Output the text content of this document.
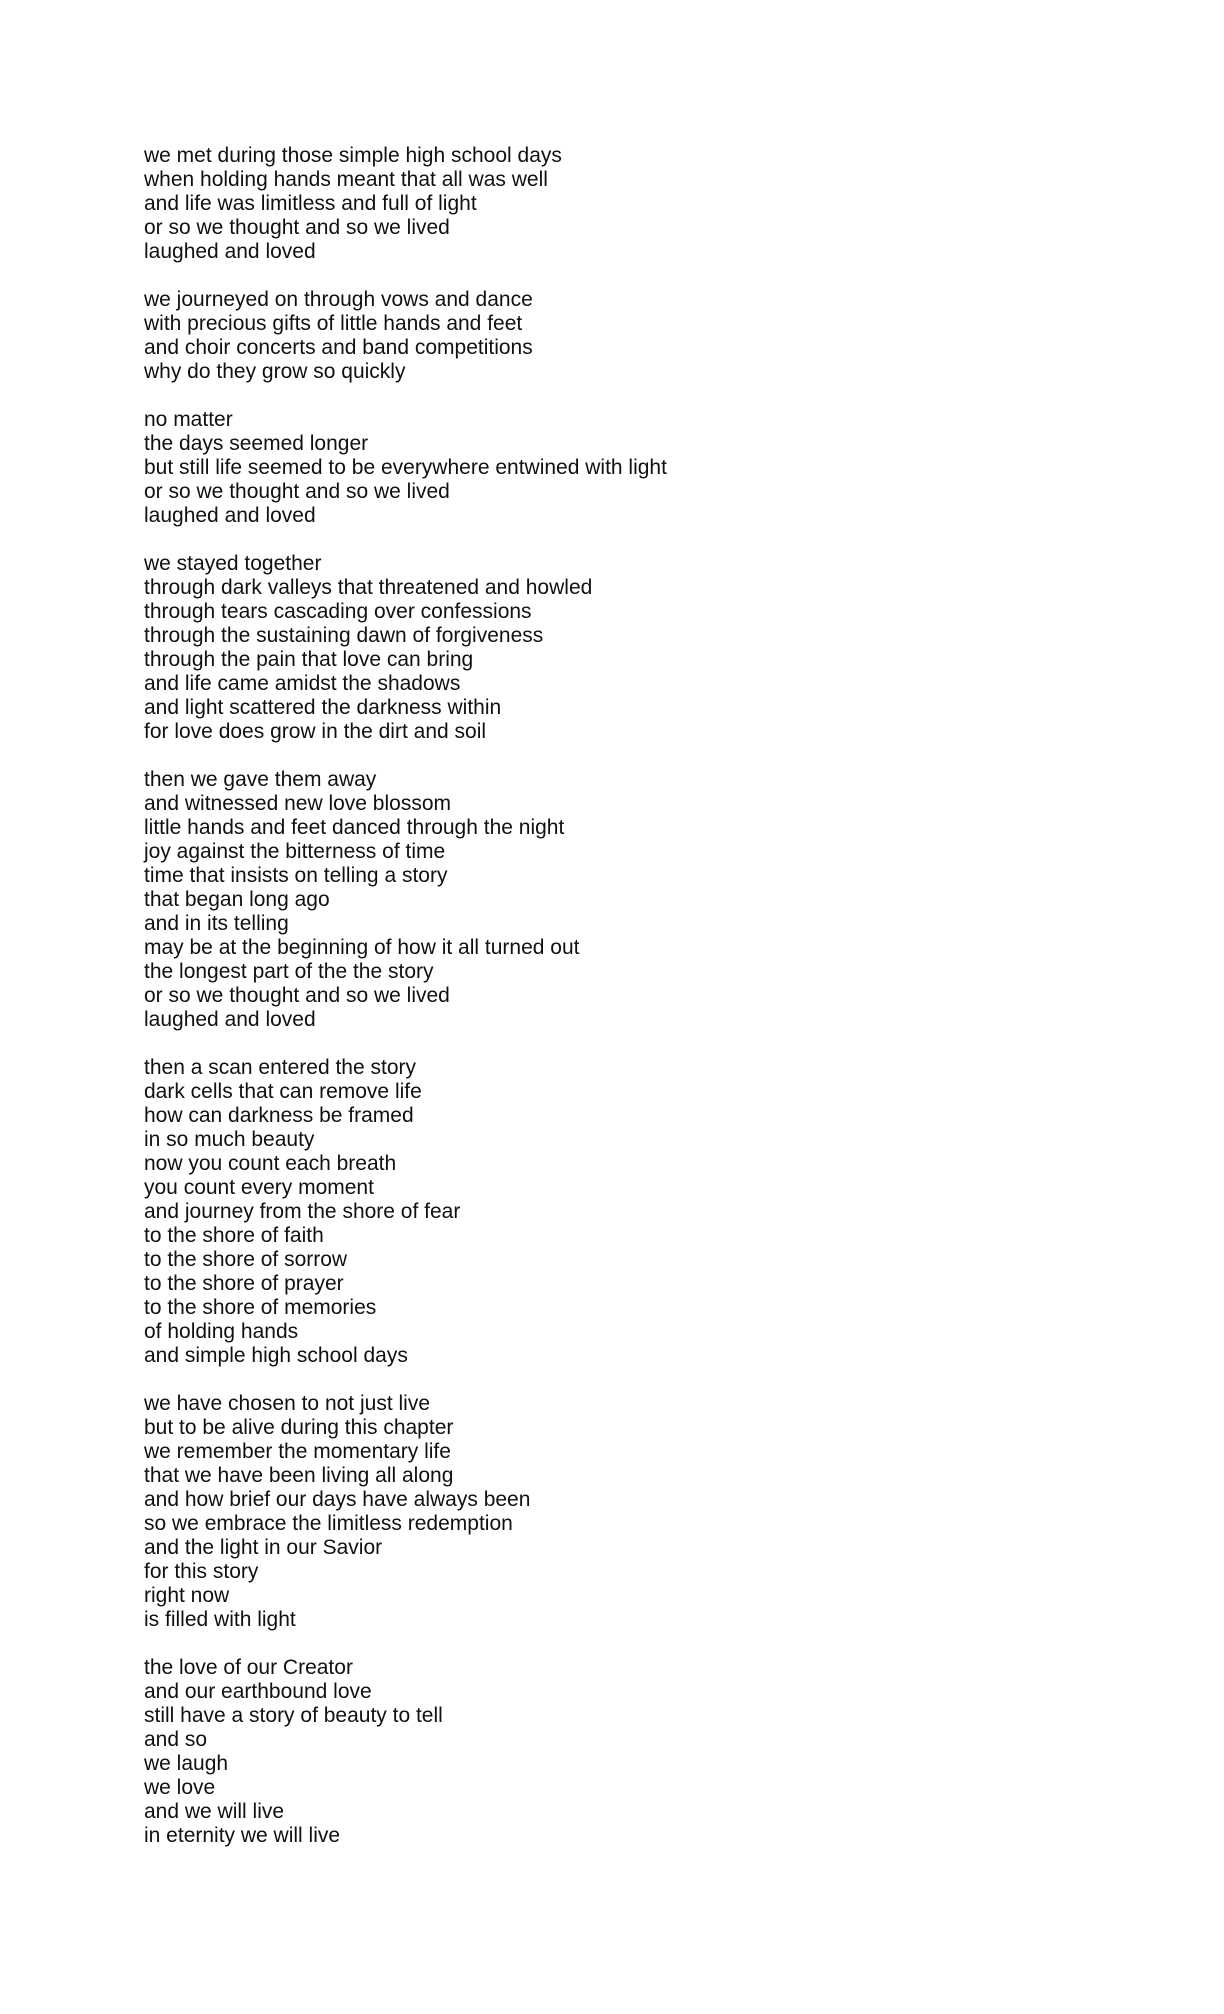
we met during those simple high school days
when holding hands meant that all was well
and life was limitless and full of light
or so we thought and so we lived
laughed and loved
we journeyed on through vows and dance
with precious gifts of little hands and feet
and choir concerts and band competitions
why do they grow so quickly
no matter
the days seemed longer
but still life seemed to be everywhere entwined with light
or so we thought and so we lived
laughed and loved
we stayed together
through dark valleys that threatened and howled
through tears cascading over confessions
through the sustaining dawn of forgiveness
through the pain that love can bring
and life came amidst the shadows
and light scattered the darkness within
for love does grow in the dirt and soil
then we gave them away
and witnessed new love blossom
little hands and feet danced through the night
joy against the bitterness of time
time that insists on telling a story
that began long ago
and in its telling
may be at the beginning of how it all turned out
the longest part of the the story
or so we thought and so we lived
laughed and loved
then a scan entered the story
dark cells that can remove life
how can darkness be framed
in so much beauty
now you count each breath
you count every moment
and journey from the shore of fear
to the shore of faith
to the shore of sorrow
to the shore of prayer
to the shore of memories
of holding hands
and simple high school days
we have chosen to not just live
but to be alive during this chapter
we remember the momentary life
that we have been living all along
and how brief our days have always been
so we embrace the limitless redemption
and the light in our Savior
for this story
right now
is filled with light
the love of our Creator
and our earthbound love
still have a story of beauty to tell
and so
we laugh
we love
and we will live
in eternity we will live
